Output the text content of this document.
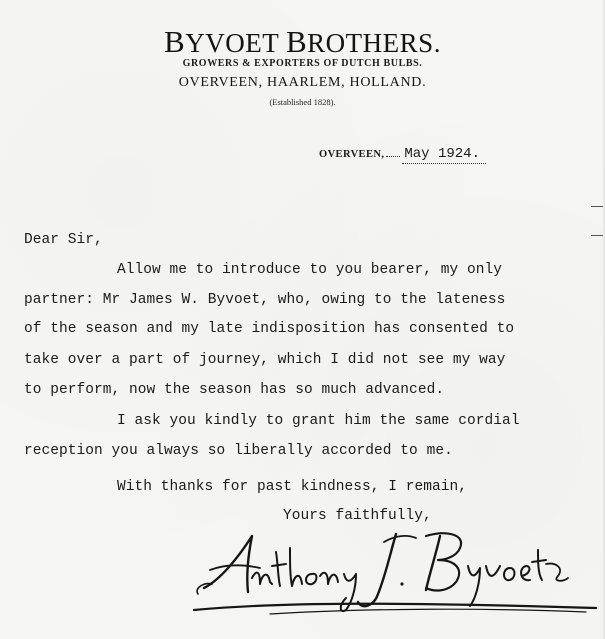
BYVOET BROTHERS.
GROWERS & EXPORTERS OF DUTCH BULBS.
OVERVEEN, HAARLEM, HOLLAND.
(Established 1828).
OVERVEEN, May 1924.
Dear Sir,
Allow me to introduce to you bearer, my only
partner: Mr James W. Byvoet, who, owing to the lateness
of the season and my late indisposition has consented to
take over a part of journey, which I did not see my way
to perform, now the season has so much advanced.
I ask you kindly to grant him the same cordial
reception you always so liberally accorded to me.
With thanks for past kindness, I remain,
Yours faithfully,
